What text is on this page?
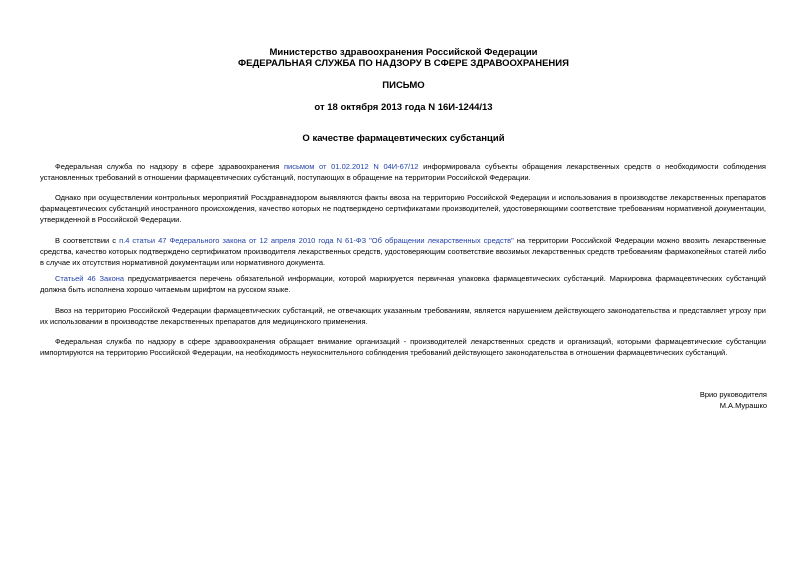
Министерство здравоохранения Российской Федерации
ФЕДЕРАЛЬНАЯ СЛУЖБА ПО НАДЗОРУ В СФЕРЕ ЗДРАВООХРАНЕНИЯ
ПИСЬМО
от 18 октября 2013 года N 16И-1244/13
О качестве фармацевтических субстанций

Федеральная служба по надзору в сфере здравоохранения письмом от 01.02.2012 N 04И-67/12 информировала субъекты обращения лекарственных средств о необходимости соблюдения установленных требований в отношении фармацевтических субстанций, поступающих в обращение на территории Российской Федерации.

Однако при осуществлении контрольных мероприятий Росздравнадзором выявляются факты ввоза на территорию Российской Федерации и использования в производстве лекарственных препаратов фармацевтических субстанций иностранного происхождения, качество которых не подтверждено сертификатами производителей, удостоверяющими соответствие требованиям нормативной документации, утвержденной в Российской Федерации.

В соответствии с п.4 статьи 47 Федерального закона от 12 апреля 2010 года N 61-ФЗ "Об обращении лекарственных средств" на территории Российской Федерации можно ввозить лекарственные средства, качество которых подтверждено сертификатом производителя лекарственных средств, удостоверяющим соответствие ввозимых лекарственных средств требованиям фармакопейных статей либо в случае их отсутствия нормативной документации или нормативного документа.

Статьей 46 Закона предусматривается перечень обязательной информации, которой маркируется первичная упаковка фармацевтических субстанций. Маркировка фармацевтических субстанций должна быть исполнена хорошо читаемым шрифтом на русском языке.

Ввоз на территорию Российской Федерации фармацевтических субстанций, не отвечающих указанным требованиям, является нарушением действующего законодательства и представляет угрозу при их использовании в производстве лекарственных препаратов для медицинского применения.

Федеральная служба по надзору в сфере здравоохранения обращает внимание организаций - производителей лекарственных средств и организаций, которыми фармацевтические субстанции импортируются на территорию Российской Федерации, на необходимость неукоснительного соблюдения требований действующего законодательства в отношении фармацевтических субстанций.

Врио руководителя
М.А.Мурашко
